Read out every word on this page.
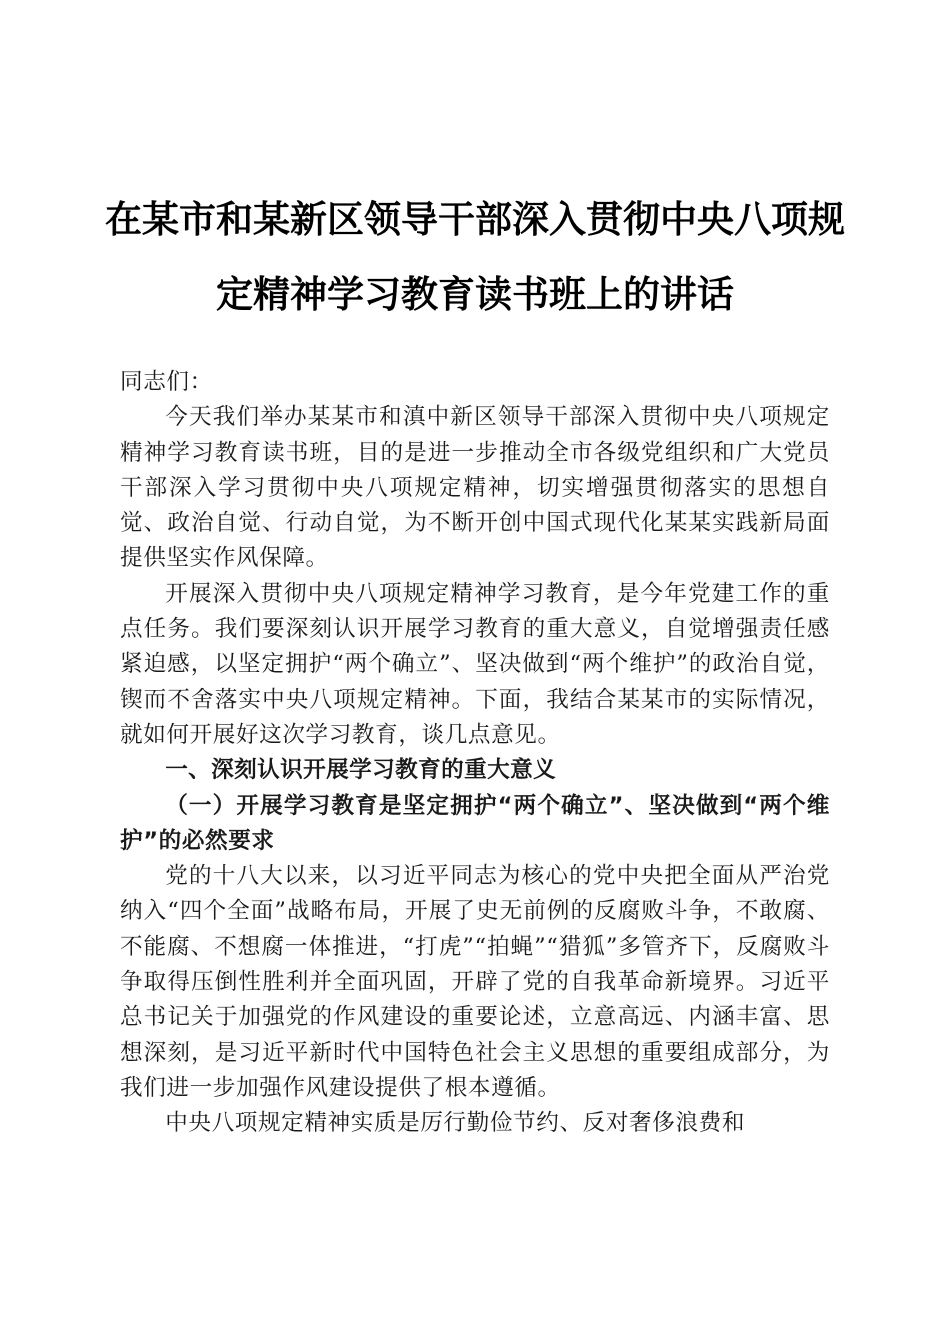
在某市和某新区领导干部深入贯彻中央八项规
定精神学习教育读书班上的讲话

同志们：

今天我们举办某某市和滇中新区领导干部深入贯彻中央八项规定精神学习教育读书班，目的是进一步推动全市各级党组织和广大党员干部深入学习贯彻中央八项规定精神，切实增强贯彻落实的思想自觉、政治自觉、行动自觉，为不断开创中国式现代化某某实践新局面提供坚实作风保障。

开展深入贯彻中央八项规定精神学习教育，是今年党建工作的重点任务。我们要深刻认识开展学习教育的重大意义，自觉增强责任感紧迫感，以坚定拥护“两个确立”、坚决做到“两个维护”的政治自觉，锲而不舍落实中央八项规定精神。下面，我结合某某市的实际情况，就如何开展好这次学习教育，谈几点意见。

一、深刻认识开展学习教育的重大意义

（一）开展学习教育是坚定拥护“两个确立”、坚决做到“两个维护”的必然要求

党的十八大以来，以习近平同志为核心的党中央把全面从严治党纳入“四个全面”战略布局，开展了史无前例的反腐败斗争，不敢腐、不能腐、不想腐一体推进，“打虎”“拍蝇”“猎狐”多管齐下，反腐败斗争取得压倒性胜利并全面巩固，开辟了党的自我革命新境界。习近平总书记关于加强党的作风建设的重要论述，立意高远、内涵丰富、思想深刻，是习近平新时代中国特色社会主义思想的重要组成部分，为我们进一步加强作风建设提供了根本遵循。

中央八项规定精神实质是厉行勤俭节约、反对奢侈浪费和
